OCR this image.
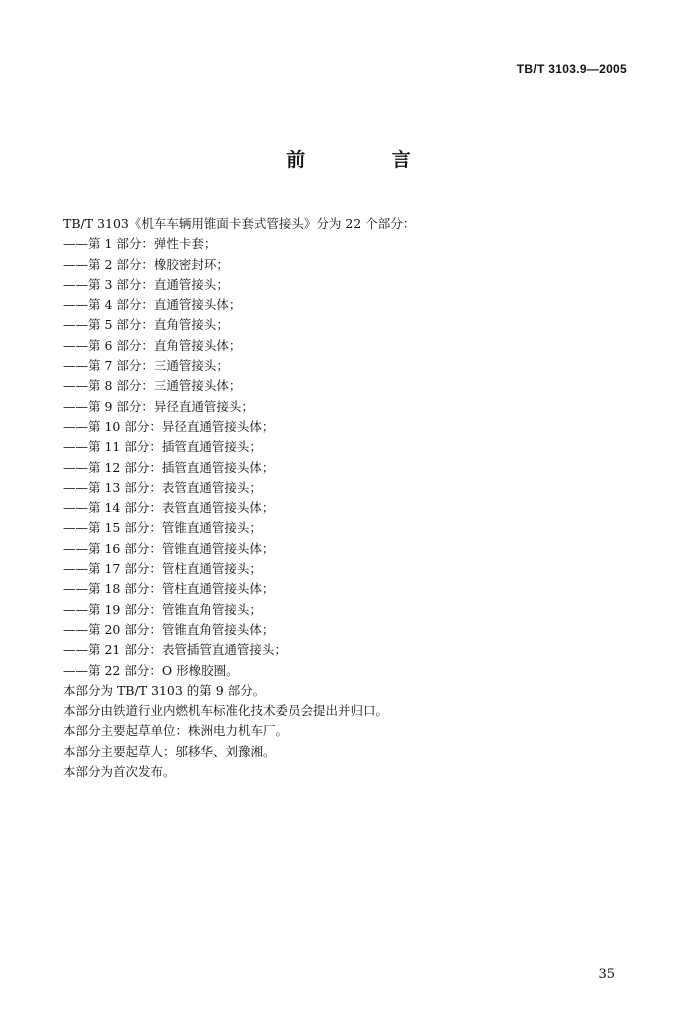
TB/T 3103.9—2005
前 言
TB/T 3103《机车车辆用锥面卡套式管接头》分为 22 个部分：
——第 1 部分：弹性卡套；
——第 2 部分：橡胶密封环；
——第 3 部分：直通管接头；
——第 4 部分：直通管接头体；
——第 5 部分：直角管接头；
——第 6 部分：直角管接头体；
——第 7 部分：三通管接头；
——第 8 部分：三通管接头体；
——第 9 部分：异径直通管接头；
——第 10 部分：异径直通管接头体；
——第 11 部分：插管直通管接头；
——第 12 部分：插管直通管接头体；
——第 13 部分：表管直通管接头；
——第 14 部分：表管直通管接头体；
——第 15 部分：管锥直通管接头；
——第 16 部分：管锥直通管接头体；
——第 17 部分：管柱直通管接头；
——第 18 部分：管柱直通管接头体；
——第 19 部分：管锥直角管接头；
——第 20 部分：管锥直角管接头体；
——第 21 部分：表管插管直通管接头；
——第 22 部分：O 形橡胶圈。
本部分为 TB/T 3103 的第 9 部分。
本部分由铁道行业内燃机车标准化技术委员会提出并归口。
本部分主要起草单位：株洲电力机车厂。
本部分主要起草人：邬移华、刘豫湘。
本部分为首次发布。
35
